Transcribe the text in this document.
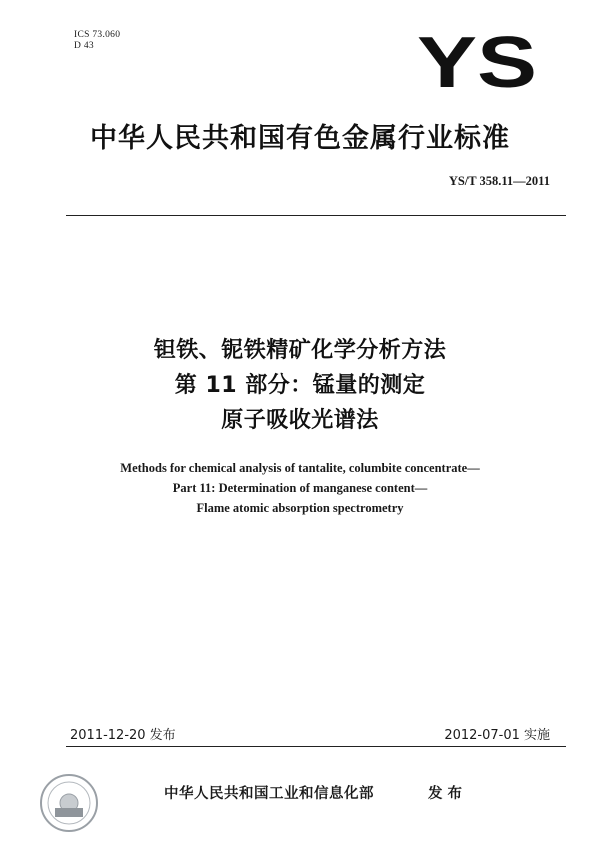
ICS 73.060
D 43	YS
中华人民共和国有色金属行业标准
YS/T 358.11—2011
钽铁、铌铁精矿化学分析方法
第 11 部分：锰量的测定
原子吸收光谱法
Methods for chemical analysis of tantalite, columbite concentrate—
Part 11: Determination of manganese content—
Flame atomic absorption spectrometry
2011-12-20 发布	2012-07-01 实施
中华人民共和国工业和信息化部	发 布
